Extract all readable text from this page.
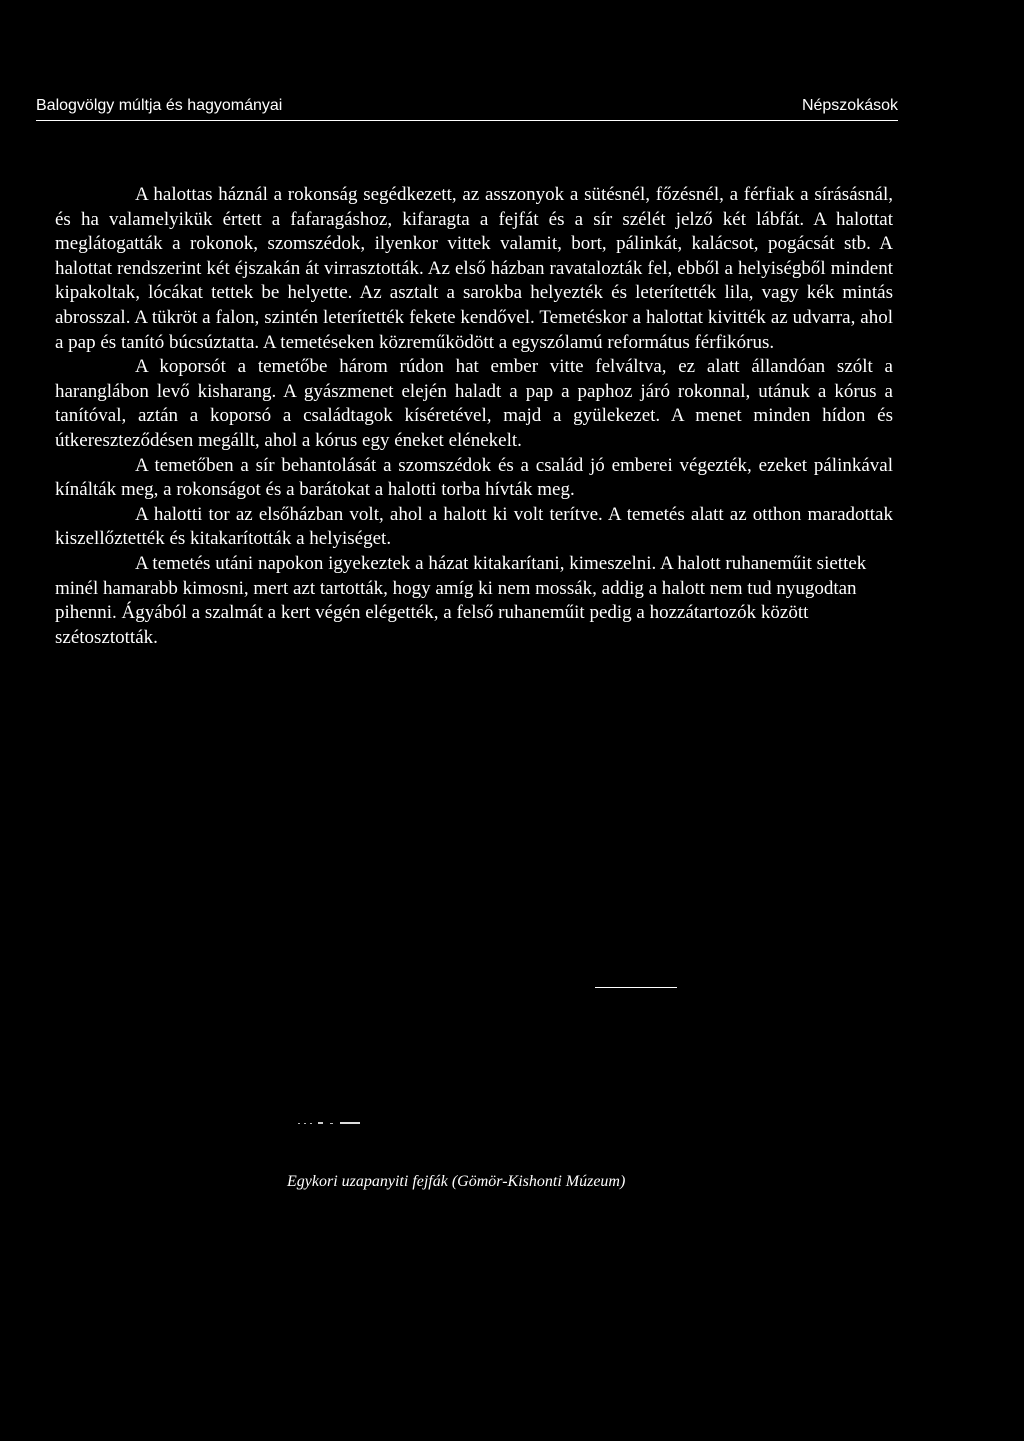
Balogvölgy múltja és hagyományai	Népszokások

A halottas háznál a rokonság segédkezett, az asszonyok a sütésnél, főzésnél, a férfiak a sírásásnál, és ha valamelyikük értett a fafaragáshoz, kifaragta a fejfát és a sír szélét jelző két lábfát. A halottat meglátogatták a rokonok, szomszédok, ilyenkor vittek valamit, bort, pálinkát, kalácsot, pogácsát stb. A halottat rendszerint két éjszakán át virrasztották. Az első házban ravatalozták fel, ebből a helyiségből mindent kipakoltak, lócákat tettek be helyette. Az asztalt a sarokba helyezték és leterítették lila, vagy kék mintás abrosszal. A tükröt a falon, szintén leterítették fekete kendővel. Temetéskor a halottat kivitték az udvarra, ahol a pap és tanító búcsúztatta. A temetéseken közreműködött a egyszólamú református férfikórus.

A koporsót a temetőbe három rúdon hat ember vitte felváltva, ez alatt állandóan szólt a haranglábon levő kisharang. A gyászmenet elején haladt a pap a paphoz járó rokonnal, utánuk a kórus a tanítóval, aztán a koporsó a családtagok kíséretével, majd a gyülekezet. A menet minden hídon és útkereszteződésen megállt, ahol a kórus egy éneket elénekelt.

A temetőben a sír behantolását a szomszédok és a család jó emberei végezték, ezeket pálinkával kínálták meg, a rokonságot és a barátokat a halotti torba hívták meg.

A halotti tor az elsőházban volt, ahol a halott ki volt terítve. A temetés alatt az otthon maradottak kiszellőztették és kitakarították a helyiséget.

A temetés utáni napokon igyekeztek a házat kitakarítani, kimeszelni. A halott ruhaneműit siettek minél hamarabb kimosni, mert azt tartották, hogy amíg ki nem mossák, addig a halott nem tud nyugodtan pihenni. Ágyából a szalmát a kert végén elégették, a felső ruhaneműit pedig a hozzátartozók között szétosztották.

Egykori uzapanyiti fejfák (Gömör-Kishonti Múzeum)
